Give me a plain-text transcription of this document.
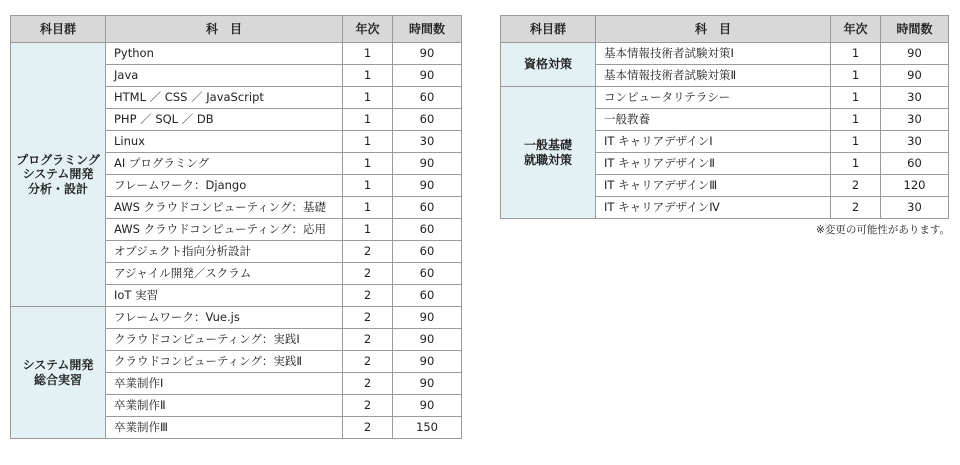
科目群	科　目	年次	時間数
プログラミング
システム開発
分析・設計	Python	1	90
	Java	1	90
	HTML ／ CSS ／ JavaScript	1	60
	PHP ／ SQL ／ DB	1	60
	Linux	1	30
	AI プログラミング	1	90
	フレームワーク：Django	1	90
	AWS クラウドコンピューティング：基礎	1	60
	AWS クラウドコンピューティング：応用	1	60
	オブジェクト指向分析設計	2	60
	アジャイル開発／スクラム	2	60
	IoT 実習	2	60
システム開発
総合実習	フレームワーク：Vue.js	2	90
	クラウドコンピューティング：実践Ⅰ	2	90
	クラウドコンピューティング：実践Ⅱ	2	90
	卒業制作Ⅰ	2	90
	卒業制作Ⅱ	2	90
	卒業制作Ⅲ	2	150
科目群	科　目	年次	時間数
資格対策	基本情報技術者試験対策Ⅰ	1	90
	基本情報技術者試験対策Ⅱ	1	90
一般基礎
就職対策	コンピュータリテラシー	1	30
	一般教養	1	30
	IT キャリアデザインⅠ	1	30
	IT キャリアデザインⅡ	1	60
	IT キャリアデザインⅢ	2	120
	IT キャリアデザインⅣ	2	30
※変更の可能性があります。
